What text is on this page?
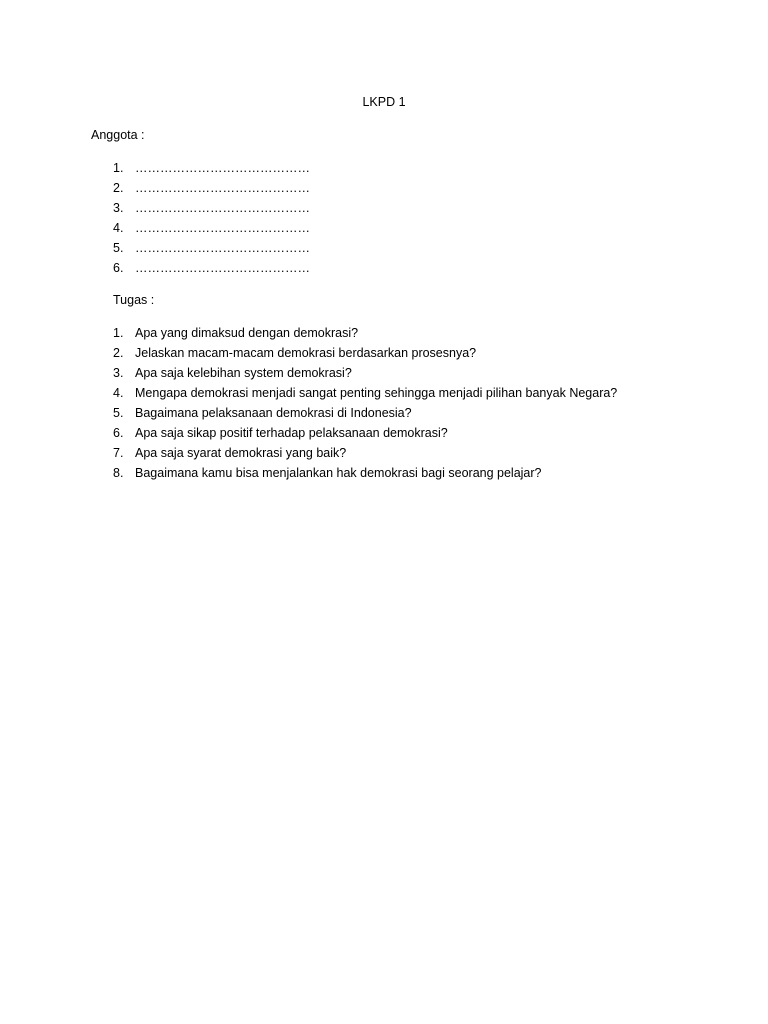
LKPD 1
Anggota :
1. ……………………………………
2. ……………………………………
3. ……………………………………
4. ……………………………………
5. ……………………………………
6. ……………………………………
Tugas :
1. Apa yang dimaksud dengan demokrasi?
2. Jelaskan macam-macam demokrasi berdasarkan prosesnya?
3. Apa saja kelebihan system demokrasi?
4. Mengapa demokrasi menjadi sangat penting sehingga menjadi pilihan banyak Negara?
5. Bagaimana pelaksanaan demokrasi di Indonesia?
6. Apa saja sikap positif terhadap pelaksanaan demokrasi?
7. Apa saja syarat demokrasi yang baik?
8. Bagaimana kamu bisa menjalankan hak demokrasi bagi seorang pelajar?
